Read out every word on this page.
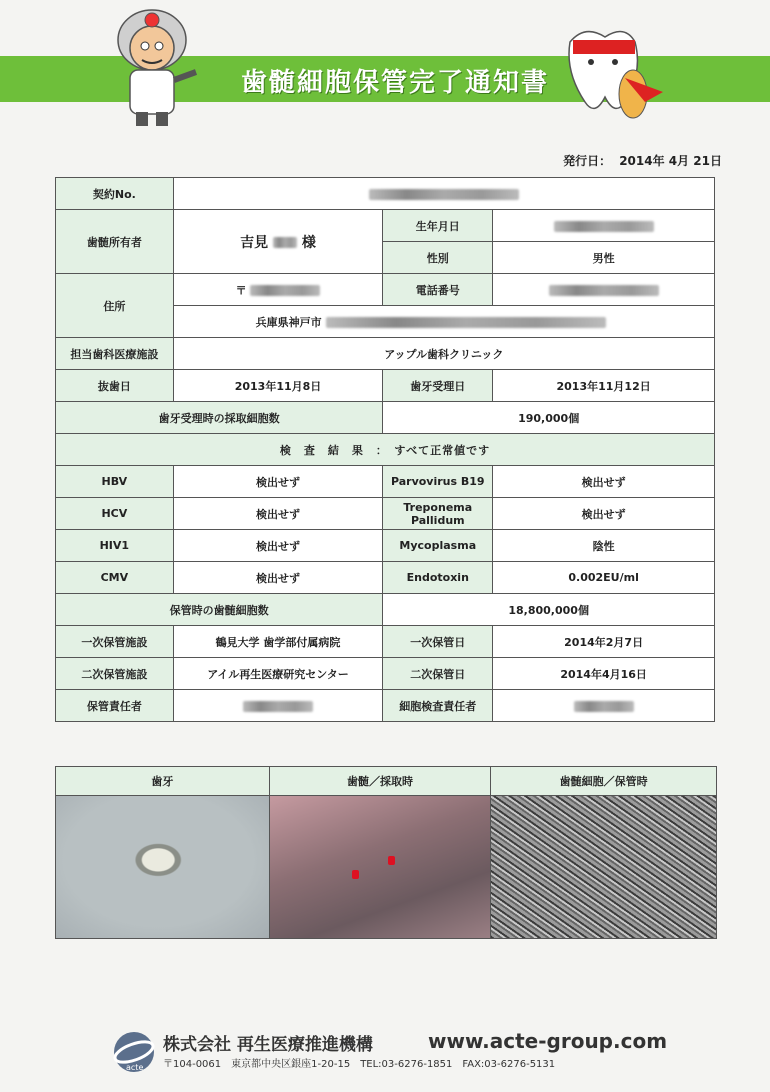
歯髄細胞保管完了通知書
発行日： 2014年 4月 21日
契約No.			
歯髄所有者	吉見 様	生年月日	
		性別	男性
住所	〒	電話番号	
	兵庫県神戸市		
担当歯科医療施設	アップル歯科クリニック		
抜歯日	2013年11月8日	歯牙受理日	2013年11月12日
歯牙受理時の採取細胞数		190,000個	
検　査　結　果　：　すべて正常値です			
HBV	検出せず	Parvovirus B19	検出せず
HCV	検出せず	Treponema Pallidum	検出せず
HIV1	検出せず	Mycoplasma	陰性
CMV	検出せず	Endotoxin	0.002EU/ml
保管時の歯髄細胞数		18,800,000個	
一次保管施設	鶴見大学 歯学部付属病院	一次保管日	2014年2月7日
二次保管施設	アイル再生医療研究センター	二次保管日	2014年4月16日
保管責任者		細胞検査責任者	
歯牙	歯髄／採取時	歯髄細胞／保管時

acte
株式会社 再生医療推進機構	www.acte-group.com
〒104-0061 東京都中央区銀座1-20-15 TEL:03-6276-1851 FAX:03-6276-5131
